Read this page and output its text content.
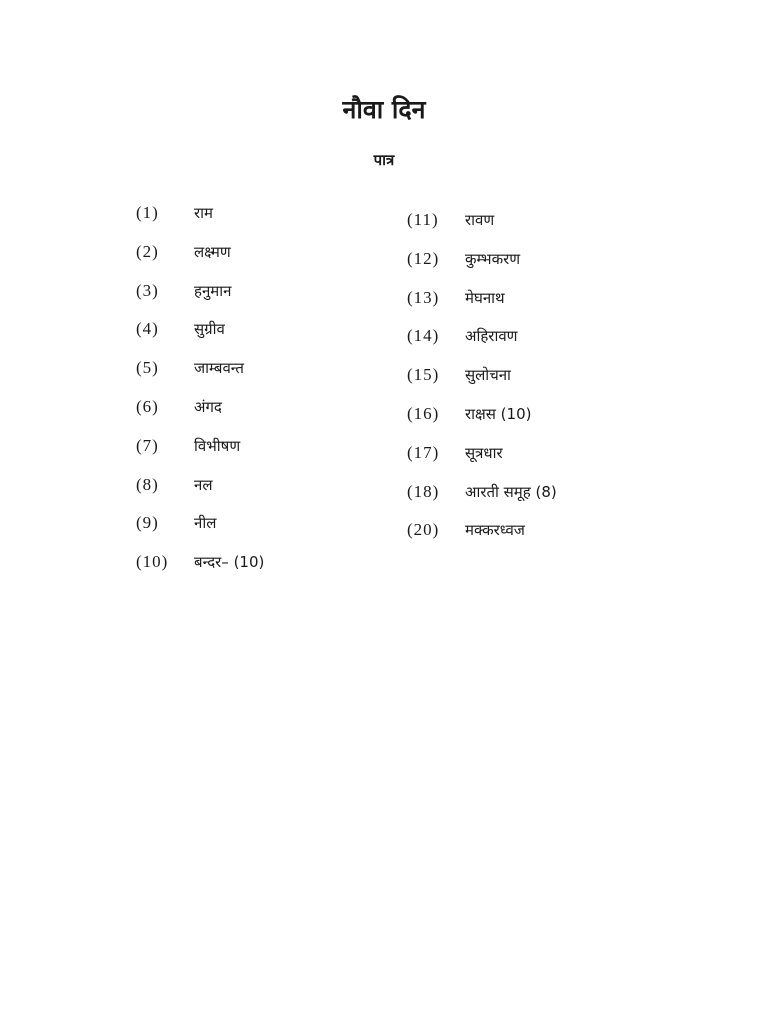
नौवा दिन
पात्र
(1)	राम
(2)	लक्ष्मण
(3)	हनुमान
(4)	सुग्रीव
(5)	जाम्बवन्त
(6)	अंगद
(7)	विभीषण
(8)	नल
(9)	नील
(10)	बन्दर– (10)
(11)	रावण
(12)	कुम्भकरण
(13)	मेघनाथ
(14)	अहिरावण
(15)	सुलोचना
(16)	राक्षस (10)
(17)	सूत्रधार
(18)	आरती समूह (8)
(20)	मक्करध्वज
